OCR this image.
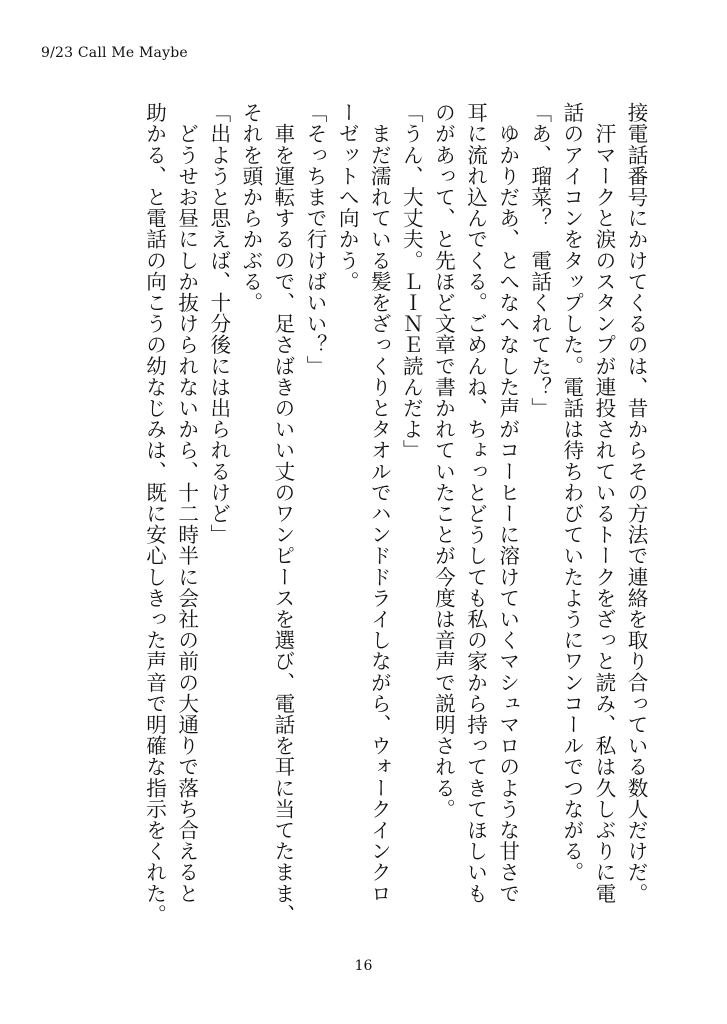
9/23 Call Me Maybe
接電話番号にかけてくるのは、昔からその方法で連絡を取り合っている数人だけだ。
　汗マークと涙のスタンプが連投されているトークをざっと読み、私は久しぶりに電
話のアイコンをタップした。電話は待ちわびていたようにワンコールでつながる。
「あ、瑠菜？　電話くれてた？」
　ゆかりだあ、とへなへなした声がコーヒーに溶けていくマシュマロのような甘さで
耳に流れ込んでくる。ごめんね、ちょっとどうしても私の家から持ってきてほしいも
のがあって、と先ほど文章で書かれていたことが今度は音声で説明される。
「うん、大丈夫。ＬＩＮＥ読んだよ」
　まだ濡れている髪をざっくりとタオルでハンドドライしながら、ウォークインクロ
ーゼットへ向かう。
「そっちまで行けばいい？」
　車を運転するので、足さばきのいい丈のワンピースを選び、電話を耳に当てたまま、
それを頭からかぶる。
「出ようと思えば、十分後には出られるけど」
　どうせお昼にしか抜けられないから、十二時半に会社の前の大通りで落ち合えると
助かる、と電話の向こうの幼なじみは、既に安心しきった声音で明確な指示をくれた。
16
